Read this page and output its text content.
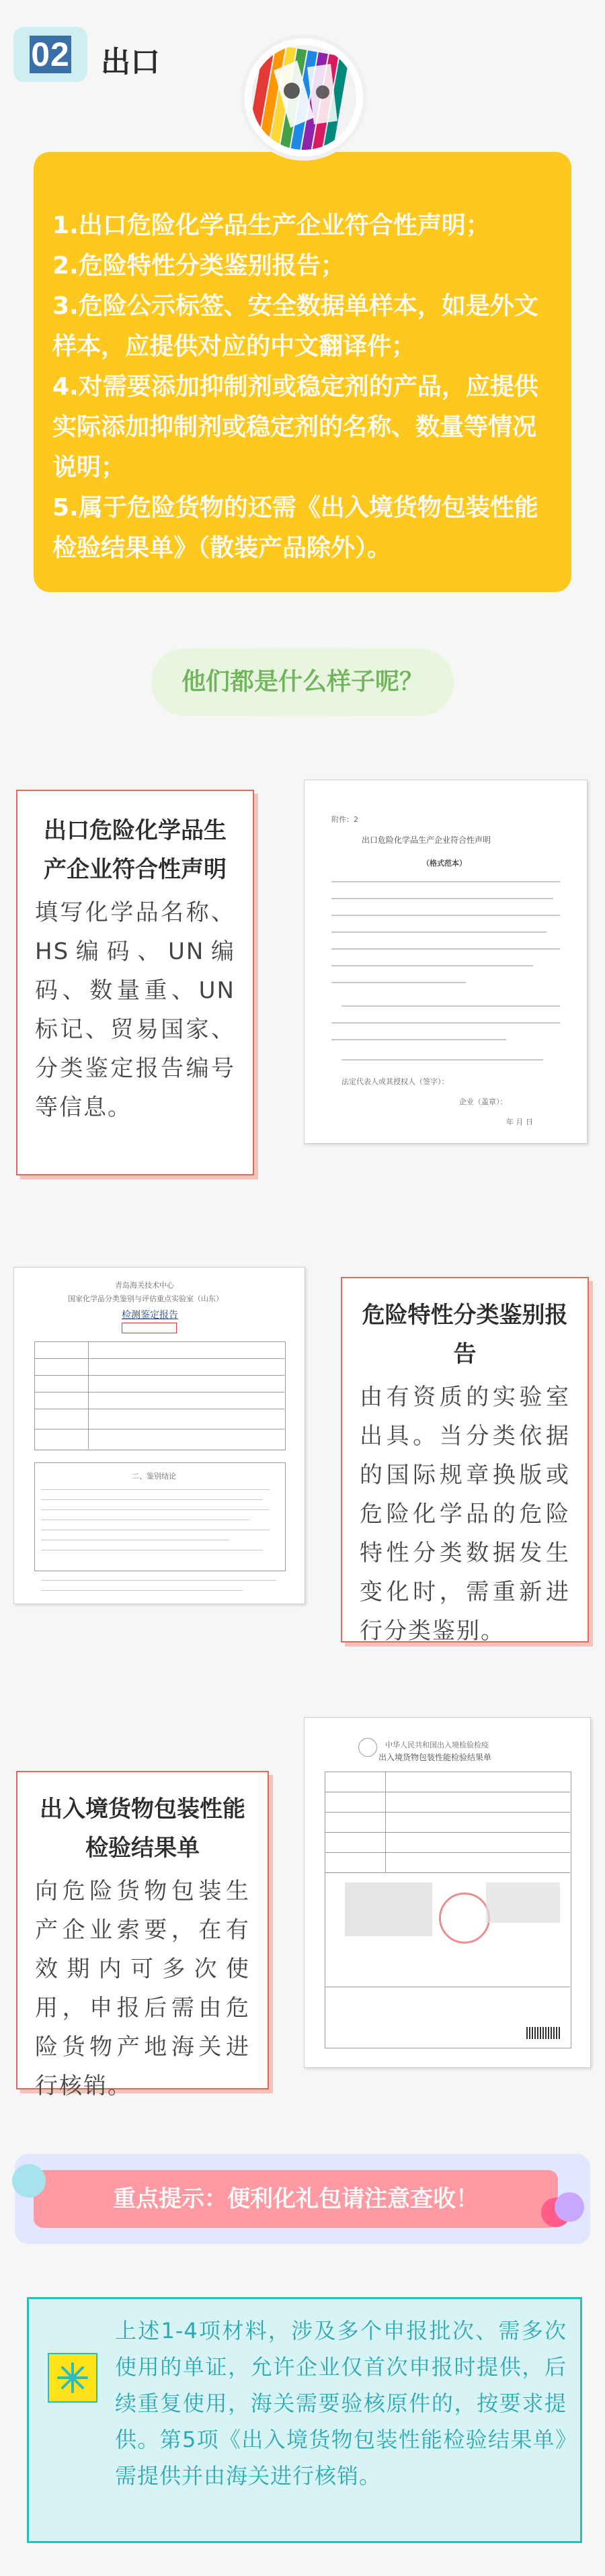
02	出口
1.出口危险化学品生产企业符合性声明；
2.危险特性分类鉴别报告；
3.危险公示标签、安全数据单样本，如是外文样本，应提供对应的中文翻译件；
4.对需要添加抑制剂或稳定剂的产品，应提供实际添加抑制剂或稳定剂的名称、数量等情况说明；
5.属于危险货物的还需《出入境货物包装性能检验结果单》（散装产品除外）。
他们都是什么样子呢？
出口危险化学品生产企业符合性声明
填写化学品名称、HS编码、UN编码、数量重、UN标记、贸易国家、分类鉴定报告编号等信息。
附件：2
出口危险化学品生产企业符合性声明
（格式范本）
法定代表人或其授权人（签字）：
企业（盖章）：
年 月 日
青岛海关技术中心
国家化学品分类鉴别与评估重点实验室（山东）
检测鉴定报告
二、鉴别结论
危险特性分类鉴别报告
由有资质的实验室出具。当分类依据的国际规章换版或危险化学品的危险特性分类数据发生变化时，需重新进行分类鉴别。
出入境货物包装性能检验结果单
向危险货物包装生产企业索要，在有效期内可多次使用，申报后需由危险货物产地海关进行核销。
中华人民共和国出入境检验检疫
出入境货物包装性能检验结果单
重点提示：便利化礼包请注意查收！
上述1-4项材料，涉及多个申报批次、需多次使用的单证，允许企业仅首次申报时提供，后续重复使用，海关需要验核原件的，按要求提供。第5项《出入境货物包装性能检验结果单》需提供并由海关进行核销。
